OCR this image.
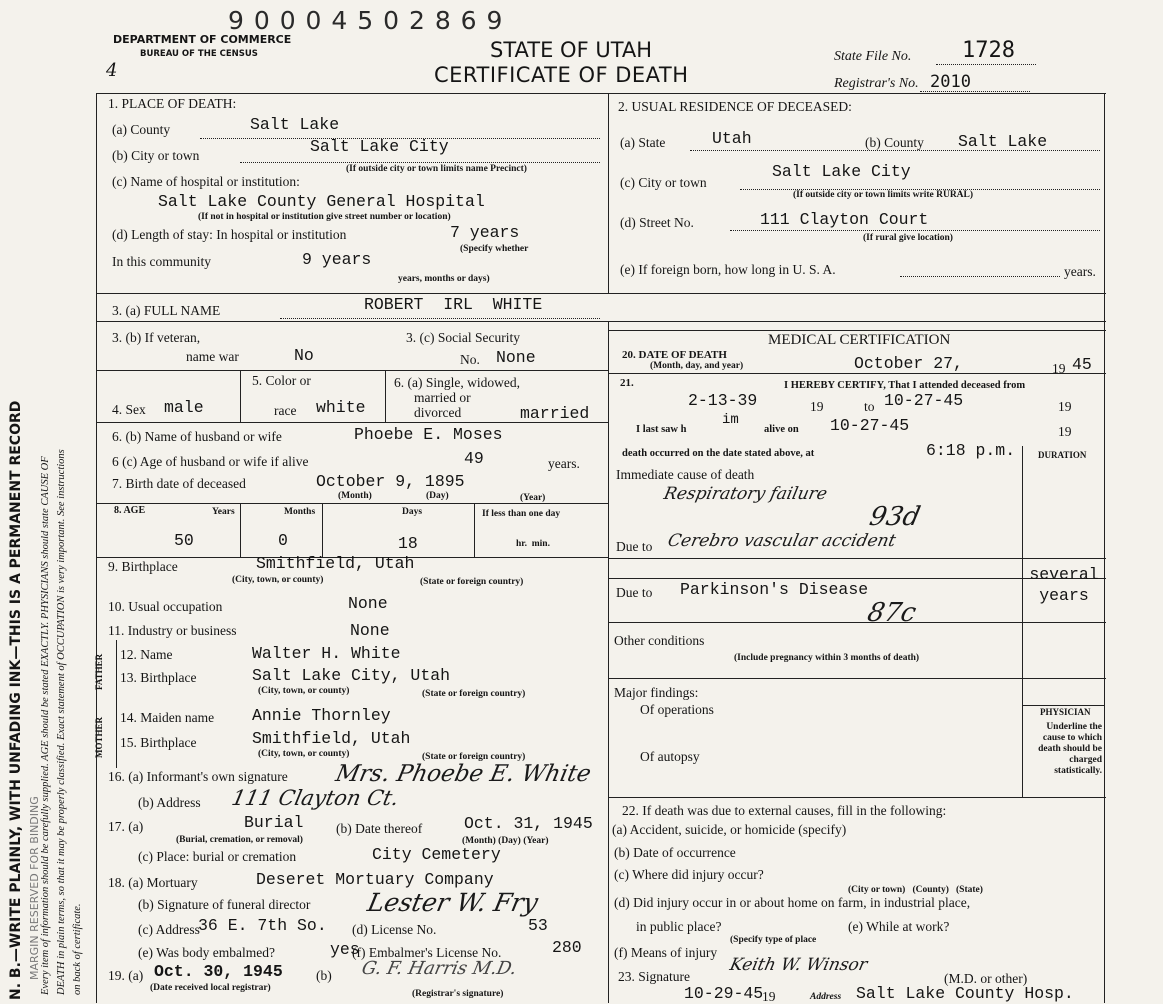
9 0 0 0 4 5 0 2 8 6 9
DEPARTMENT OF COMMERCE
BUREAU OF THE CENSUS
4
STATE OF UTAH
CERTIFICATE OF DEATH
State File No. 1728
Registrar's No. 2010
N. B.—WRITE PLAINLY, WITH UNFADING INK—THIS IS A PERMANENT RECORD MARGIN RESERVED FOR BINDING Every item of information should be carefully supplied. AGE should be stated EXACTLY. PHYSICIANS should state CAUSE OF DEATH in plain terms, so that it may be properly classified. Exact statement of OCCUPATION is very important. See instructions on back of certificate.
1. PLACE OF DEATH:
(a) County	Salt Lake
(b) City or town	Salt Lake City
(If outside city or town limits name Precinct)
(c) Name of hospital or institution:
Salt Lake County General Hospital
(If not in hospital or institution give street number or location)
(d) Length of stay: In hospital or institution	7 years
(Specify whether
In this community	9 years
years, months or days)
2. USUAL RESIDENCE OF DECEASED:
(a) State	Utah	(b) County Salt Lake
(c) City or town
Salt Lake City
(If outside city or town limits write RURAL)
(d) Street No.	111 Clayton Court
(If rural give location)
(e) If foreign born, how long in U. S. A.	years.
3. (a) FULL NAME	ROBERT  IRL  WHITE
3. (b) If veteran,
name war	No
3. (c) Social Security
No. None
4. Sex male
5. Color or
race white
6. (a) Single, widowed,
married or
divorced	married
6. (b) Name of husband or wife	Phoebe E. Moses
6 (c) Age of husband or wife if alive	49	years.
7. Birth date of deceased	October 9, 1895
(Month)	(Day)	(Year)
8. AGE	Years	Months	Days	If less than one day
50	0	18	hr.  min.
9. Birthplace	Smithfield, Utah
(City, town, or county)	(State or foreign country)
10. Usual occupation	None
11. Industry or business	None
FATHER
MOTHER
12. Name	Walter H. White
13. Birthplace	Salt Lake City, Utah
(City, town, or county)	(State or foreign country)
14. Maiden name Annie Thornley
15. Birthplace	Smithfield, Utah
(City, town, or county)	(State or foreign country)
16. (a) Informant's own signature Mrs. Phoebe E. White
(b) Address 111 Clayton Ct.
17. (a)	Burial
(Burial, cremation, or removal)
(b) Date thereof	Oct. 31, 1945
(Month) (Day) (Year)
(c) Place: burial or cremation	City Cemetery
18. (a) Mortuary	Deseret Mortuary Company
(b) Signature of funeral director Lester W. Fry
(c) Address
36 E. 7th So. (d) License No.	53
(e) Was body embalmed?	yes
(f) Embalmer's License No.	280
19. (a) Oct. 30, 1945
(Date received local registrar)
(b) G. F. Harris M.D.
(Registrar's signature)
MEDICAL CERTIFICATION
20. DATE OF DEATH
(Month, day, and year)	October 27,	19 45
21.	I HEREBY CERTIFY, That I attended deceased from
2-13-39	19	to 10-27-45	19
I last saw h
im
alive on 10-27-45	19
death occurred on the date stated above, at	6:18 p.m.	DURATION
Immediate cause of death
Respiratory failure
93d
Due to Cerebro vascular accident
Due to Parkinson's Disease
several years
87c
Other conditions
(Include pregnancy within 3 months of death)
Major findings:
Of operations
Of autopsy
PHYSICIAN
Underline the cause to which death should be charged statistically.
22. If death was due to external causes, fill in the following:
(a) Accident, suicide, or homicide (specify)
(b) Date of occurrence
(c) Where did injury occur?
(City or town)   (County)   (State)
(d) Did injury occur in or about home on farm, in industrial place,
in public place?	(e) While at work?
(Specify type of place
(f) Means of injury
23. Signature
Keith W. Winsor
(M.D. or other)
10-29-45
19	Address Salt Lake County Hosp.
